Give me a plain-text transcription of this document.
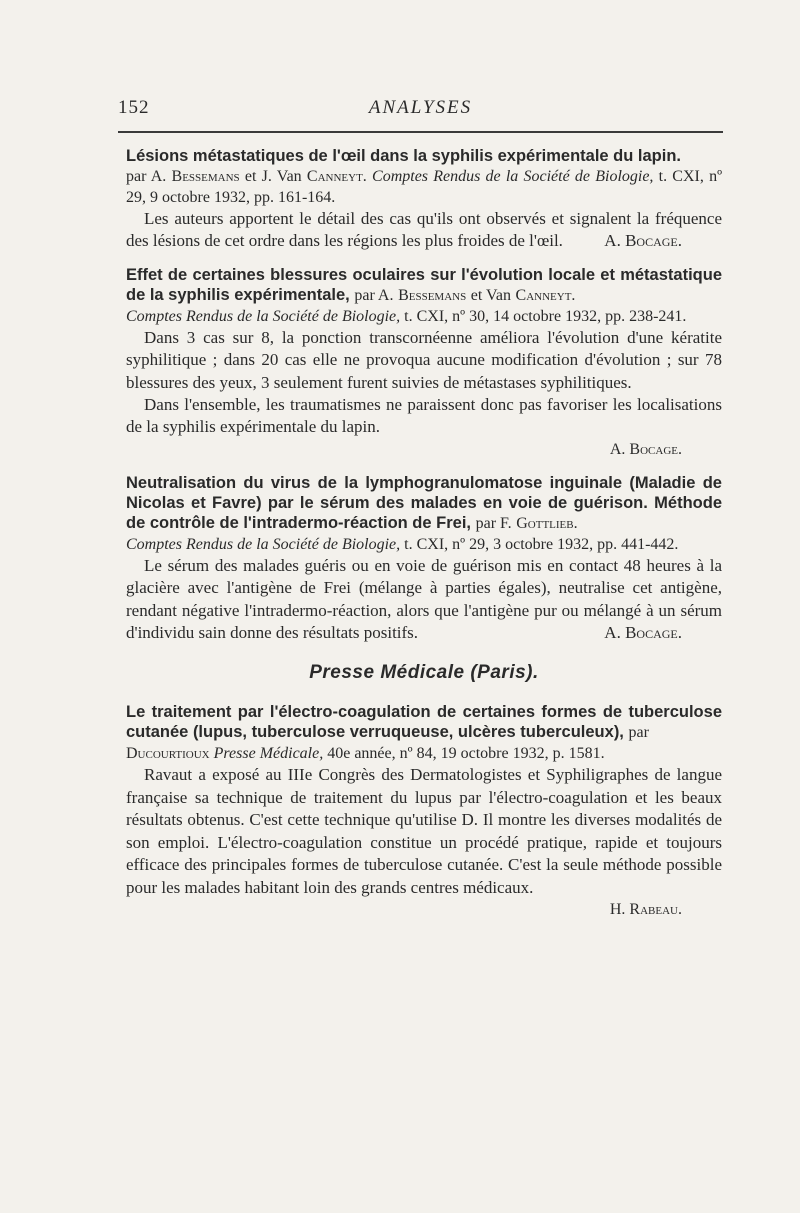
152	ANALYSES

Lésions métastatiques de l'œil dans la syphilis expérimentale du lapin.

par A. Bessemans et J. Van Canneyt. Comptes Rendus de la Société de Biologie, t. CXI, nº 29, 9 octobre 1932, pp. 161-164.

Les auteurs apportent le détail des cas qu'ils ont observés et signalent la fréquence des lésions de cet ordre dans les régions les plus froides de l'œil.	A. Bocage.

Effet de certaines blessures oculaires sur l'évolution locale et métastatique de la syphilis expérimentale, par A. Bessemans et Van Canneyt.

Comptes Rendus de la Société de Biologie, t. CXI, nº 30, 14 octobre 1932, pp. 238-241.

Dans 3 cas sur 8, la ponction transcornéenne améliora l'évolution d'une kératite syphilitique ; dans 20 cas elle ne provoqua aucune modification d'évolution ; sur 78 blessures des yeux, 3 seulement furent suivies de métastases syphilitiques.

Dans l'ensemble, les traumatismes ne paraissent donc pas favoriser les localisations de la syphilis expérimentale du lapin.

A. Bocage.

Neutralisation du virus de la lymphogranulomatose inguinale (Maladie de Nicolas et Favre) par le sérum des malades en voie de guérison. Méthode de contrôle de l'intradermo-réaction de Frei, par F. Gottlieb.

Comptes Rendus de la Société de Biologie, t. CXI, nº 29, 3 octobre 1932, pp. 441-442.

Le sérum des malades guéris ou en voie de guérison mis en contact 48 heures à la glacière avec l'antigène de Frei (mélange à parties égales), neutralise cet antigène, rendant négative l'intradermo-réaction, alors que l'antigène pur ou mélangé à un sérum d'individu sain donne des résultats positifs.	A. Bocage.

Presse Médicale (Paris).

Le traitement par l'électro-coagulation de certaines formes de tuberculose cutanée (lupus, tuberculose verruqueuse, ulcères tuberculeux), par

Ducourtioux Presse Médicale, 40e année, nº 84, 19 octobre 1932, p. 1581.

Ravaut a exposé au IIIe Congrès des Dermatologistes et Syphiligraphes de langue française sa technique de traitement du lupus par l'électro-coagulation et les beaux résultats obtenus. C'est cette technique qu'utilise D. Il montre les diverses modalités de son emploi. L'électro-coagulation constitue un procédé pratique, rapide et toujours efficace des principales formes de tuberculose cutanée. C'est la seule méthode possible pour les malades habitant loin des grands centres médicaux.

H. Rabeau.
